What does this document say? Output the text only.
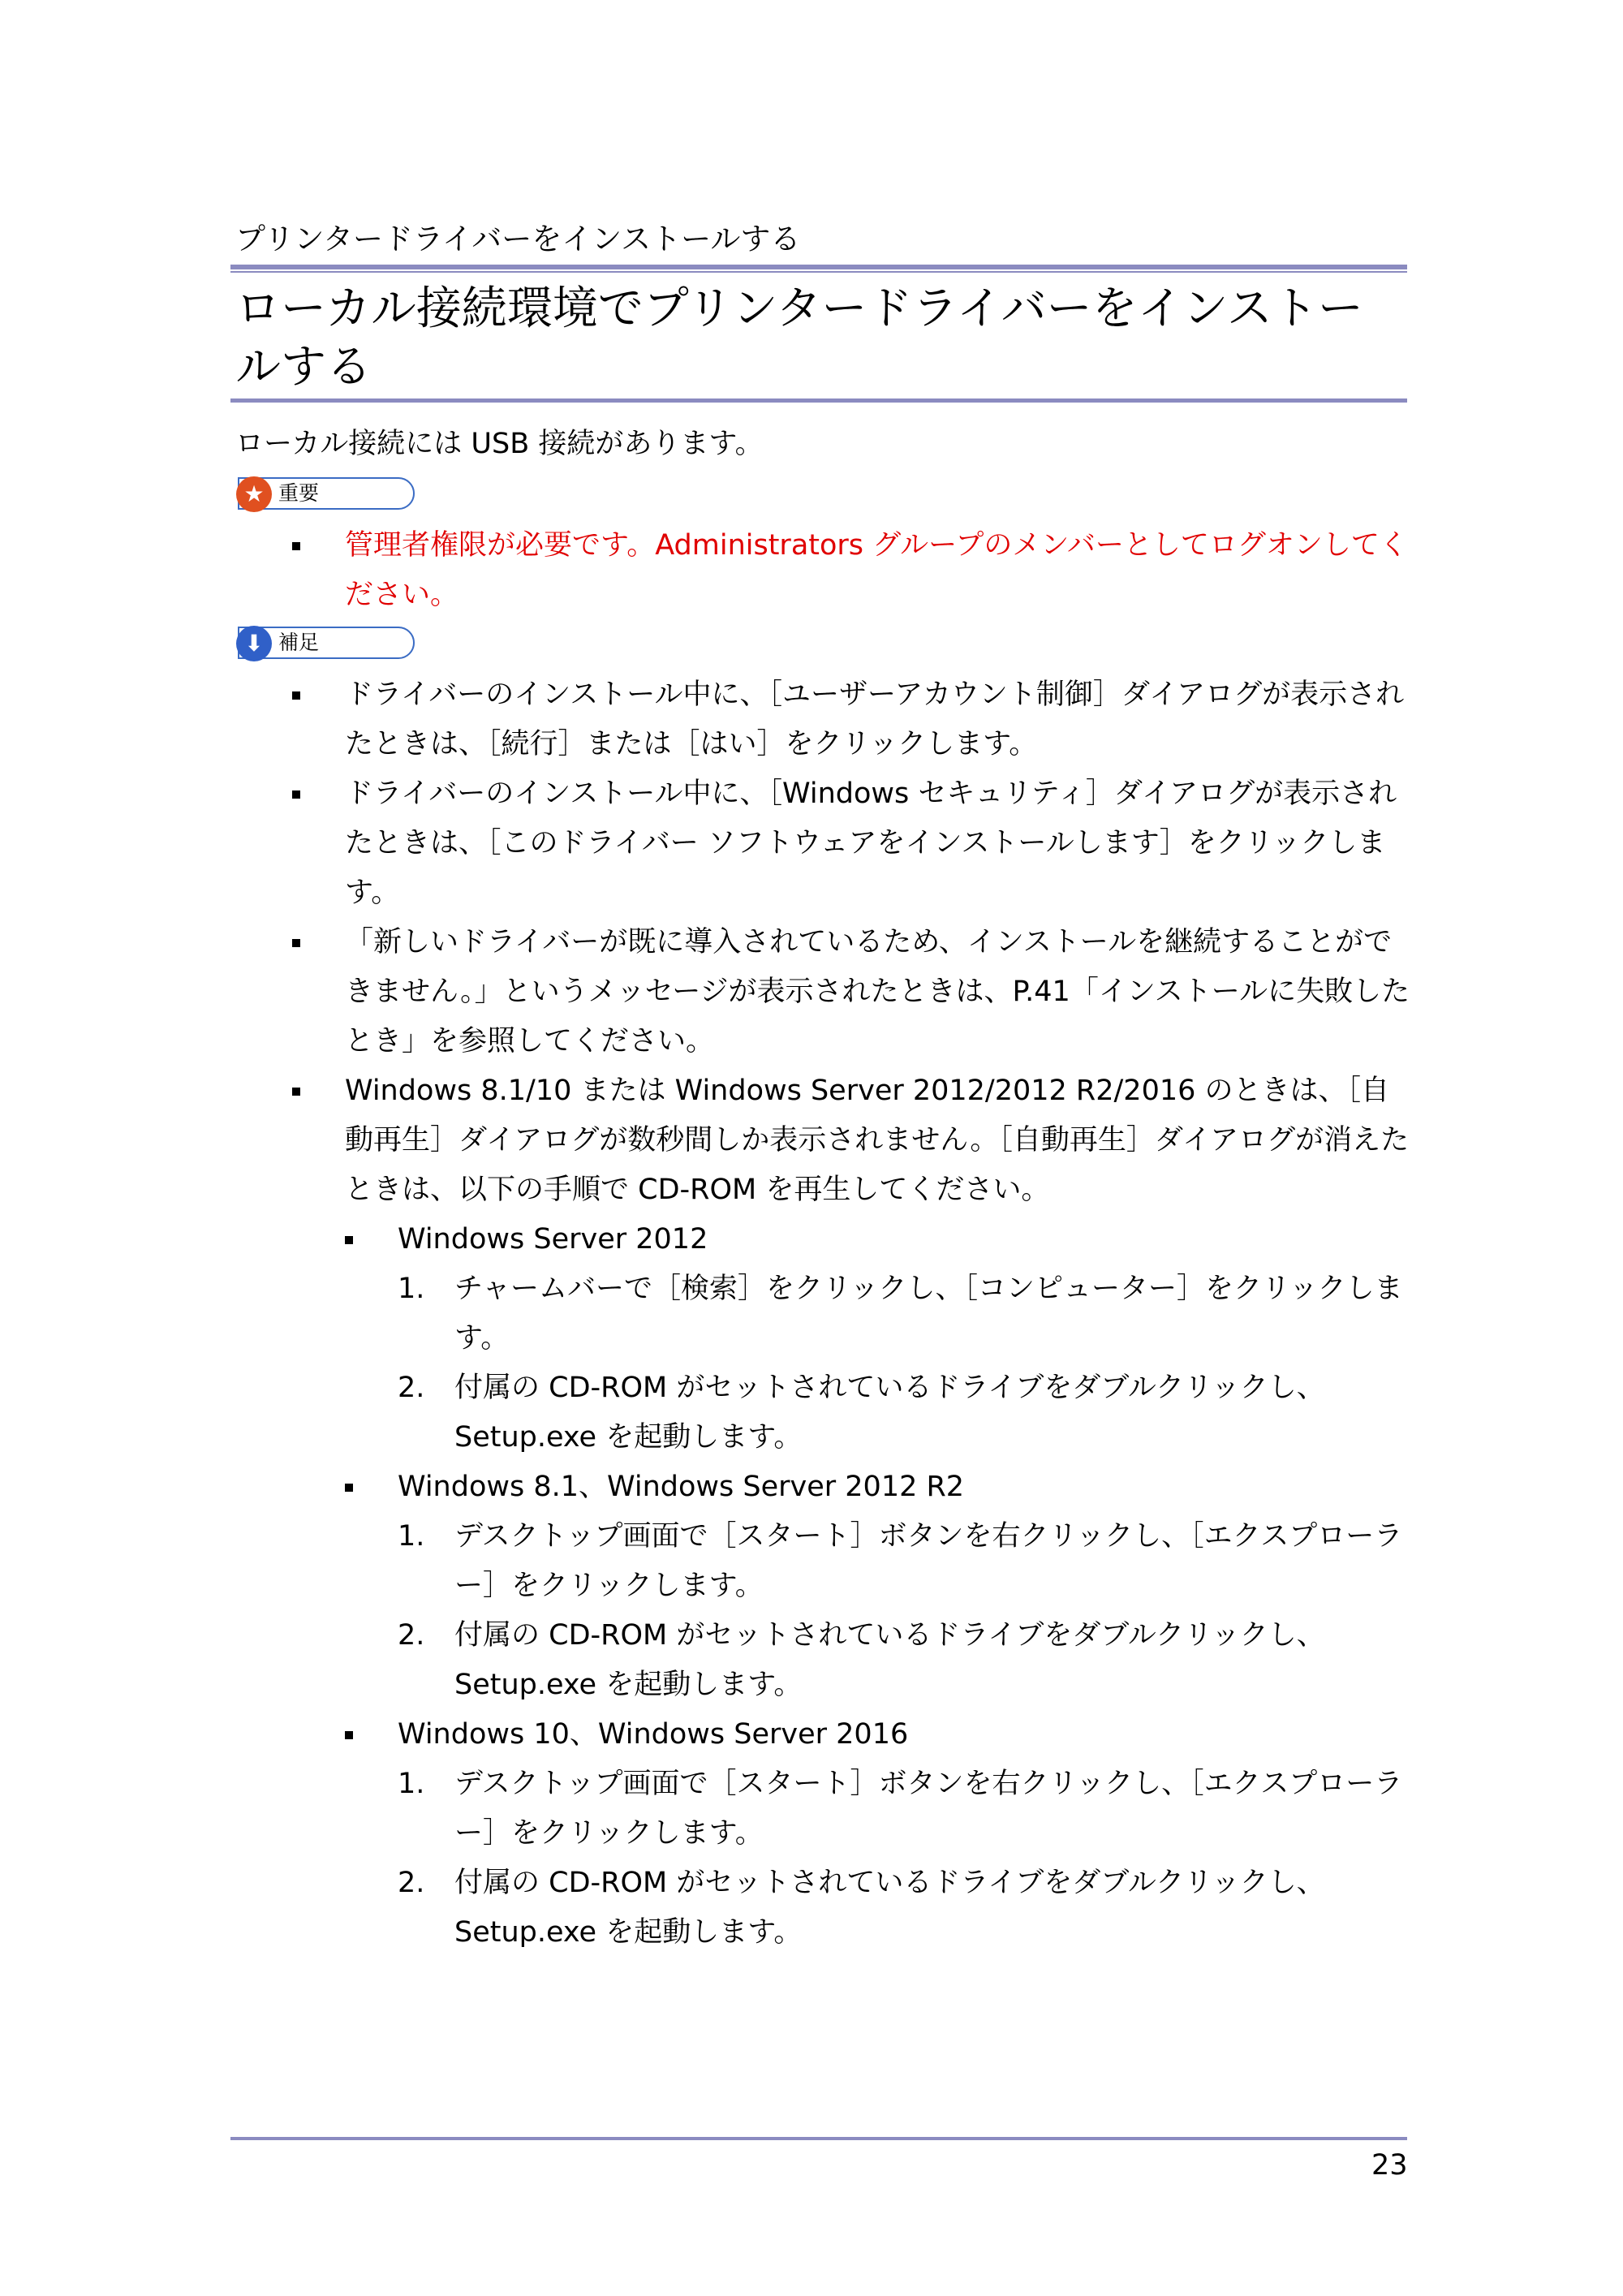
プリンタードライバーをインストールする
ローカル接続環境でプリンタードライバーをインストールする

ローカル接続には USB 接続があります。

★ 重要
管理者権限が必要です。Administrators グループのメンバーとしてログオンしてください。
⬇ 補足
ドライバーのインストール中に、［ユーザーアカウント制御］ダイアログが表示されたときは、［続行］または［はい］をクリックします。
ドライバーのインストール中に、［Windows セキュリティ］ダイアログが表示されたときは、［このドライバー ソフトウェアをインストールします］をクリックします。
「新しいドライバーが既に導入されているため、インストールを継続することができません。」というメッセージが表示されたときは、P.41「インストールに失敗したとき」を参照してください。
Windows 8.1/10 または Windows Server 2012/2012 R2/2016 のときは、［自動再生］ダイアログが数秒間しか表示されません。［自動再生］ダイアログが消えたときは、以下の手順で CD-ROM を再生してください。
Windows Server 2012
1. チャームバーで［検索］をクリックし、［コンピューター］をクリックします。
2. 付属の CD-ROM がセットされているドライブをダブルクリックし、Setup.exe を起動します。
Windows 8.1、Windows Server 2012 R2
1. デスクトップ画面で［スタート］ボタンを右クリックし、［エクスプローラー］をクリックします。
2. 付属の CD-ROM がセットされているドライブをダブルクリックし、Setup.exe を起動します。
Windows 10、Windows Server 2016
1. デスクトップ画面で［スタート］ボタンを右クリックし、［エクスプローラー］をクリックします。
2. 付属の CD-ROM がセットされているドライブをダブルクリックし、Setup.exe を起動します。
23
